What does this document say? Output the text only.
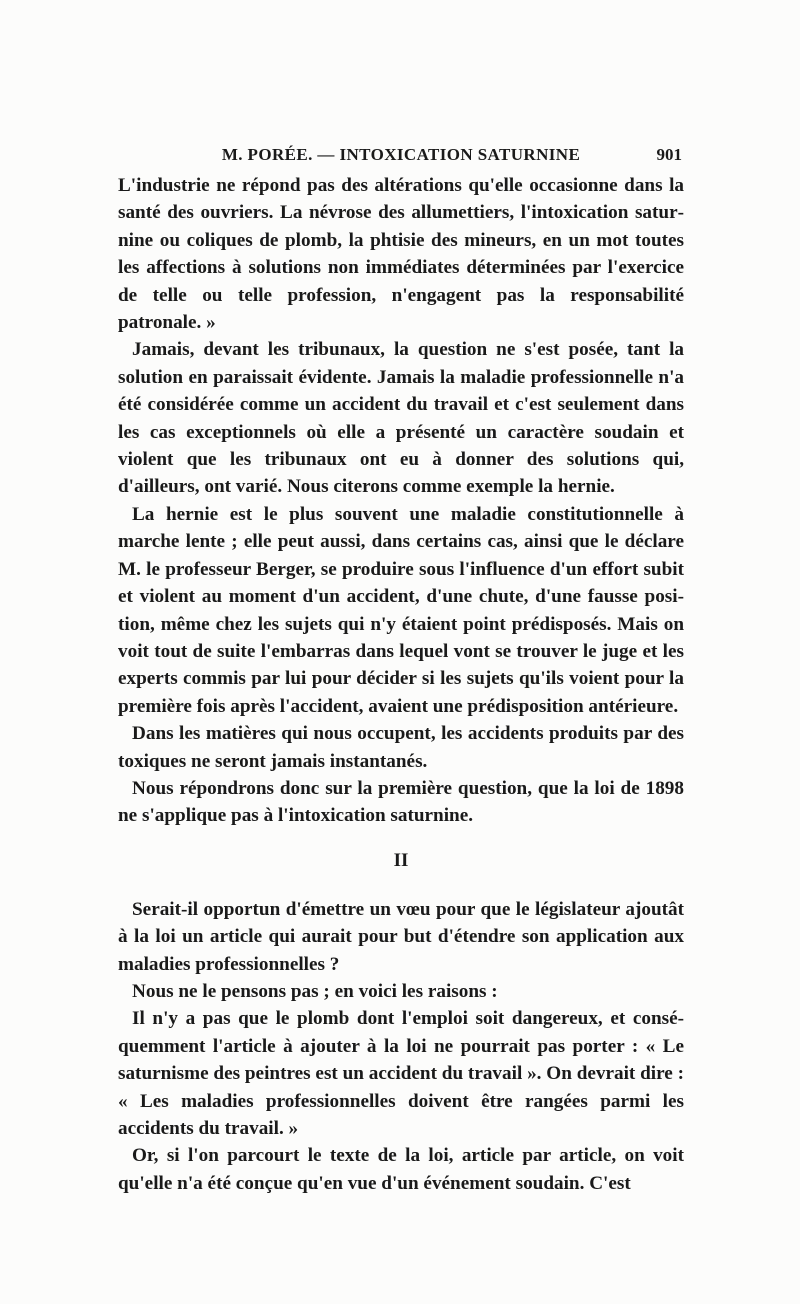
M. PORÉE. — INTOXICATION SATURNINE	901

L'industrie ne répond pas des altérations qu'elle occasionne dans la santé des ouvriers. La névrose des allumettiers, l'intoxication saturnine ou coliques de plomb, la phtisie des mineurs, en un mot toutes les affections à solutions non immédiates déterminées par l'exercice de telle ou telle profession, n'engagent pas la responsabilité patronale. »

Jamais, devant les tribunaux, la question ne s'est posée, tant la solution en paraissait évidente. Jamais la maladie professionnelle n'a été considérée comme un accident du travail et c'est seulement dans les cas exceptionnels où elle a présenté un caractère soudain et violent que les tribunaux ont eu à donner des solutions qui, d'ailleurs, ont varié. Nous citerons comme exemple la hernie.

La hernie est le plus souvent une maladie constitutionnelle à marche lente ; elle peut aussi, dans certains cas, ainsi que le déclare M. le professeur Berger, se produire sous l'influence d'un effort subit et violent au moment d'un accident, d'une chute, d'une fausse position, même chez les sujets qui n'y étaient point prédisposés. Mais on voit tout de suite l'embarras dans lequel vont se trouver le juge et les experts commis par lui pour décider si les sujets qu'ils voient pour la première fois après l'accident, avaient une prédisposition antérieure.

Dans les matières qui nous occupent, les accidents produits par des toxiques ne seront jamais instantanés.

Nous répondrons donc sur la première question, que la loi de 1898 ne s'applique pas à l'intoxication saturnine.

II

Serait-il opportun d'émettre un vœu pour que le législateur ajoutât à la loi un article qui aurait pour but d'étendre son application aux maladies professionnelles ?

Nous ne le pensons pas ; en voici les raisons :

Il n'y a pas que le plomb dont l'emploi soit dangereux, et conséquemment l'article à ajouter à la loi ne pourrait pas porter : « Le saturnisme des peintres est un accident du travail ». On devrait dire : « Les maladies professionnelles doivent être rangées parmi les accidents du travail. »

Or, si l'on parcourt le texte de la loi, article par article, on voit qu'elle n'a été conçue qu'en vue d'un événement soudain. C'est
